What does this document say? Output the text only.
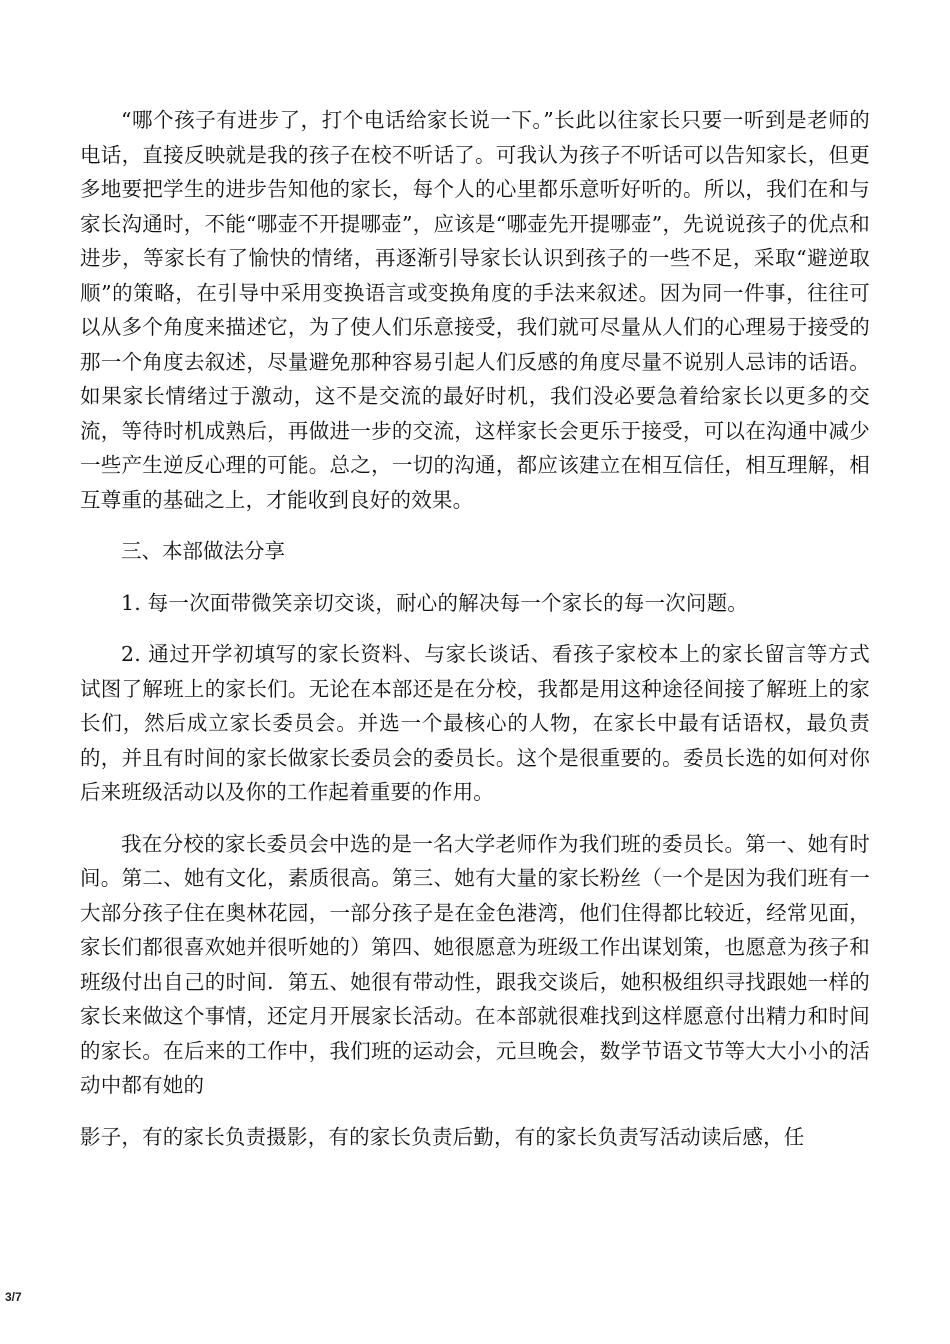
“哪个孩子有进步了，打个电话给家长说一下。”长此以往家长只要一听到是老师的电话，直接反映就是我的孩子在校不听话了。可我认为孩子不听话可以告知家长，但更多地要把学生的进步告知他的家长，每个人的心里都乐意听好听的。所以，我们在和与家长沟通时，不能“哪壶不开提哪壶”，应该是“哪壶先开提哪壶”，先说说孩子的优点和进步，等家长有了愉快的情绪，再逐渐引导家长认识到孩子的一些不足，采取“避逆取顺”的策略，在引导中采用变换语言或变换角度的手法来叙述。因为同一件事，往往可以从多个角度来描述它，为了使人们乐意接受，我们就可尽量从人们的心理易于接受的那一个角度去叙述，尽量避免那种容易引起人们反感的角度尽量不说别人忌讳的话语。如果家长情绪过于激动，这不是交流的最好时机，我们没必要急着给家长以更多的交流，等待时机成熟后，再做进一步的交流，这样家长会更乐于接受，可以在沟通中减少一些产生逆反心理的可能。总之，一切的沟通，都应该建立在相互信任，相互理解，相互尊重的基础之上，才能收到良好的效果。

三、本部做法分享

1. 每一次面带微笑亲切交谈，耐心的解决每一个家长的每一次问题。

2. 通过开学初填写的家长资料、与家长谈话、看孩子家校本上的家长留言等方式试图了解班上的家长们。无论在本部还是在分校，我都是用这种途径间接了解班上的家长们，然后成立家长委员会。并选一个最核心的人物，在家长中最有话语权，最负责的，并且有时间的家长做家长委员会的委员长。这个是很重要的。委员长选的如何对你后来班级活动以及你的工作起着重要的作用。

我在分校的家长委员会中选的是一名大学老师作为我们班的委员长。第一、她有时间。第二、她有文化，素质很高。第三、她有大量的家长粉丝（一个是因为我们班有一大部分孩子住在奥林花园，一部分孩子是在金色港湾，他们住得都比较近，经常见面，家长们都很喜欢她并很听她的）第四、她很愿意为班级工作出谋划策，也愿意为孩子和班级付出自己的时间．第五、她很有带动性，跟我交谈后，她积极组织寻找跟她一样的家长来做这个事情，还定月开展家长活动。在本部就很难找到这样愿意付出精力和时间的家长。在后来的工作中，我们班的运动会，元旦晚会，数学节语文节等大大小小的活动中都有她的

影子，有的家长负责摄影，有的家长负责后勤，有的家长负责写活动读后感，任

3/7
